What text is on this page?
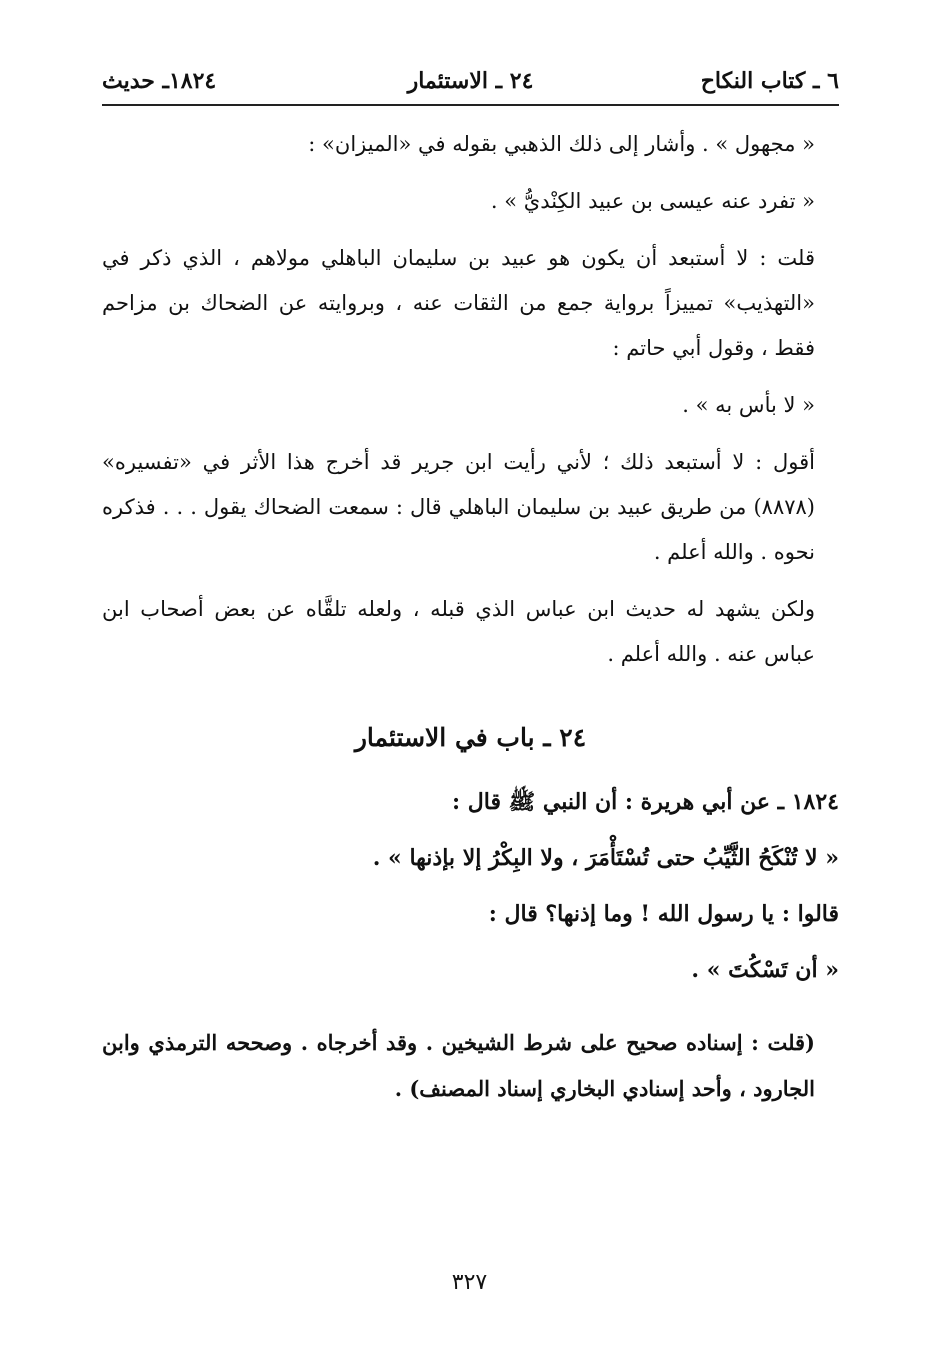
٦ ـ كتاب النكاح
٢٤ ـ الاستئمار
١٨٢٤ـ حديث

« مجهول » . وأشار إلى ذلك الذهبي بقوله في «الميزان» :

« تفرد عنه عيسى بن عبيد الكِنْديُّ » .

قلت : لا أستبعد أن يكون هو عبيد بن سليمان الباهلي مولاهم ، الذي ذكر في «التهذيب» تمييزاً برواية جمع من الثقات عنه ، وبروايته عن الضحاك بن مزاحم فقط ، وقول أبي حاتم :

« لا بأس به » .

أقول : لا أستبعد ذلك ؛ لأني رأيت ابن جرير قد أخرج هذا الأثر في «تفسيره» (٨٨٧٨) من طريق عبيد بن سليمان الباهلي قال : سمعت الضحاك يقول . . . فذكره نحوه . والله أعلم .

ولكن يشهد له حديث ابن عباس الذي قبله ، ولعله تلقَّاه عن بعض أصحاب ابن عباس عنه . والله أعلم .

٢٤ ـ باب في الاستئمار
١٨٢٤ ـ عن أبي هريرة : أن النبي ﷺ قال :
« لا تُنْكَحُ الثَّيِّبُ حتى تُسْتَأْمَرَ ، ولا البِكْرُ إلا بإذنها » .
قالوا : يا رسول الله ! وما إذنها؟ قال :
« أن تَسْكُتَ » .

(قلت : إسناده صحيح على شرط الشيخين . وقد أخرجاه . وصححه الترمذي وابن الجارود ، وأحد إسنادي البخاري إسناد المصنف) .

٣٢٧
